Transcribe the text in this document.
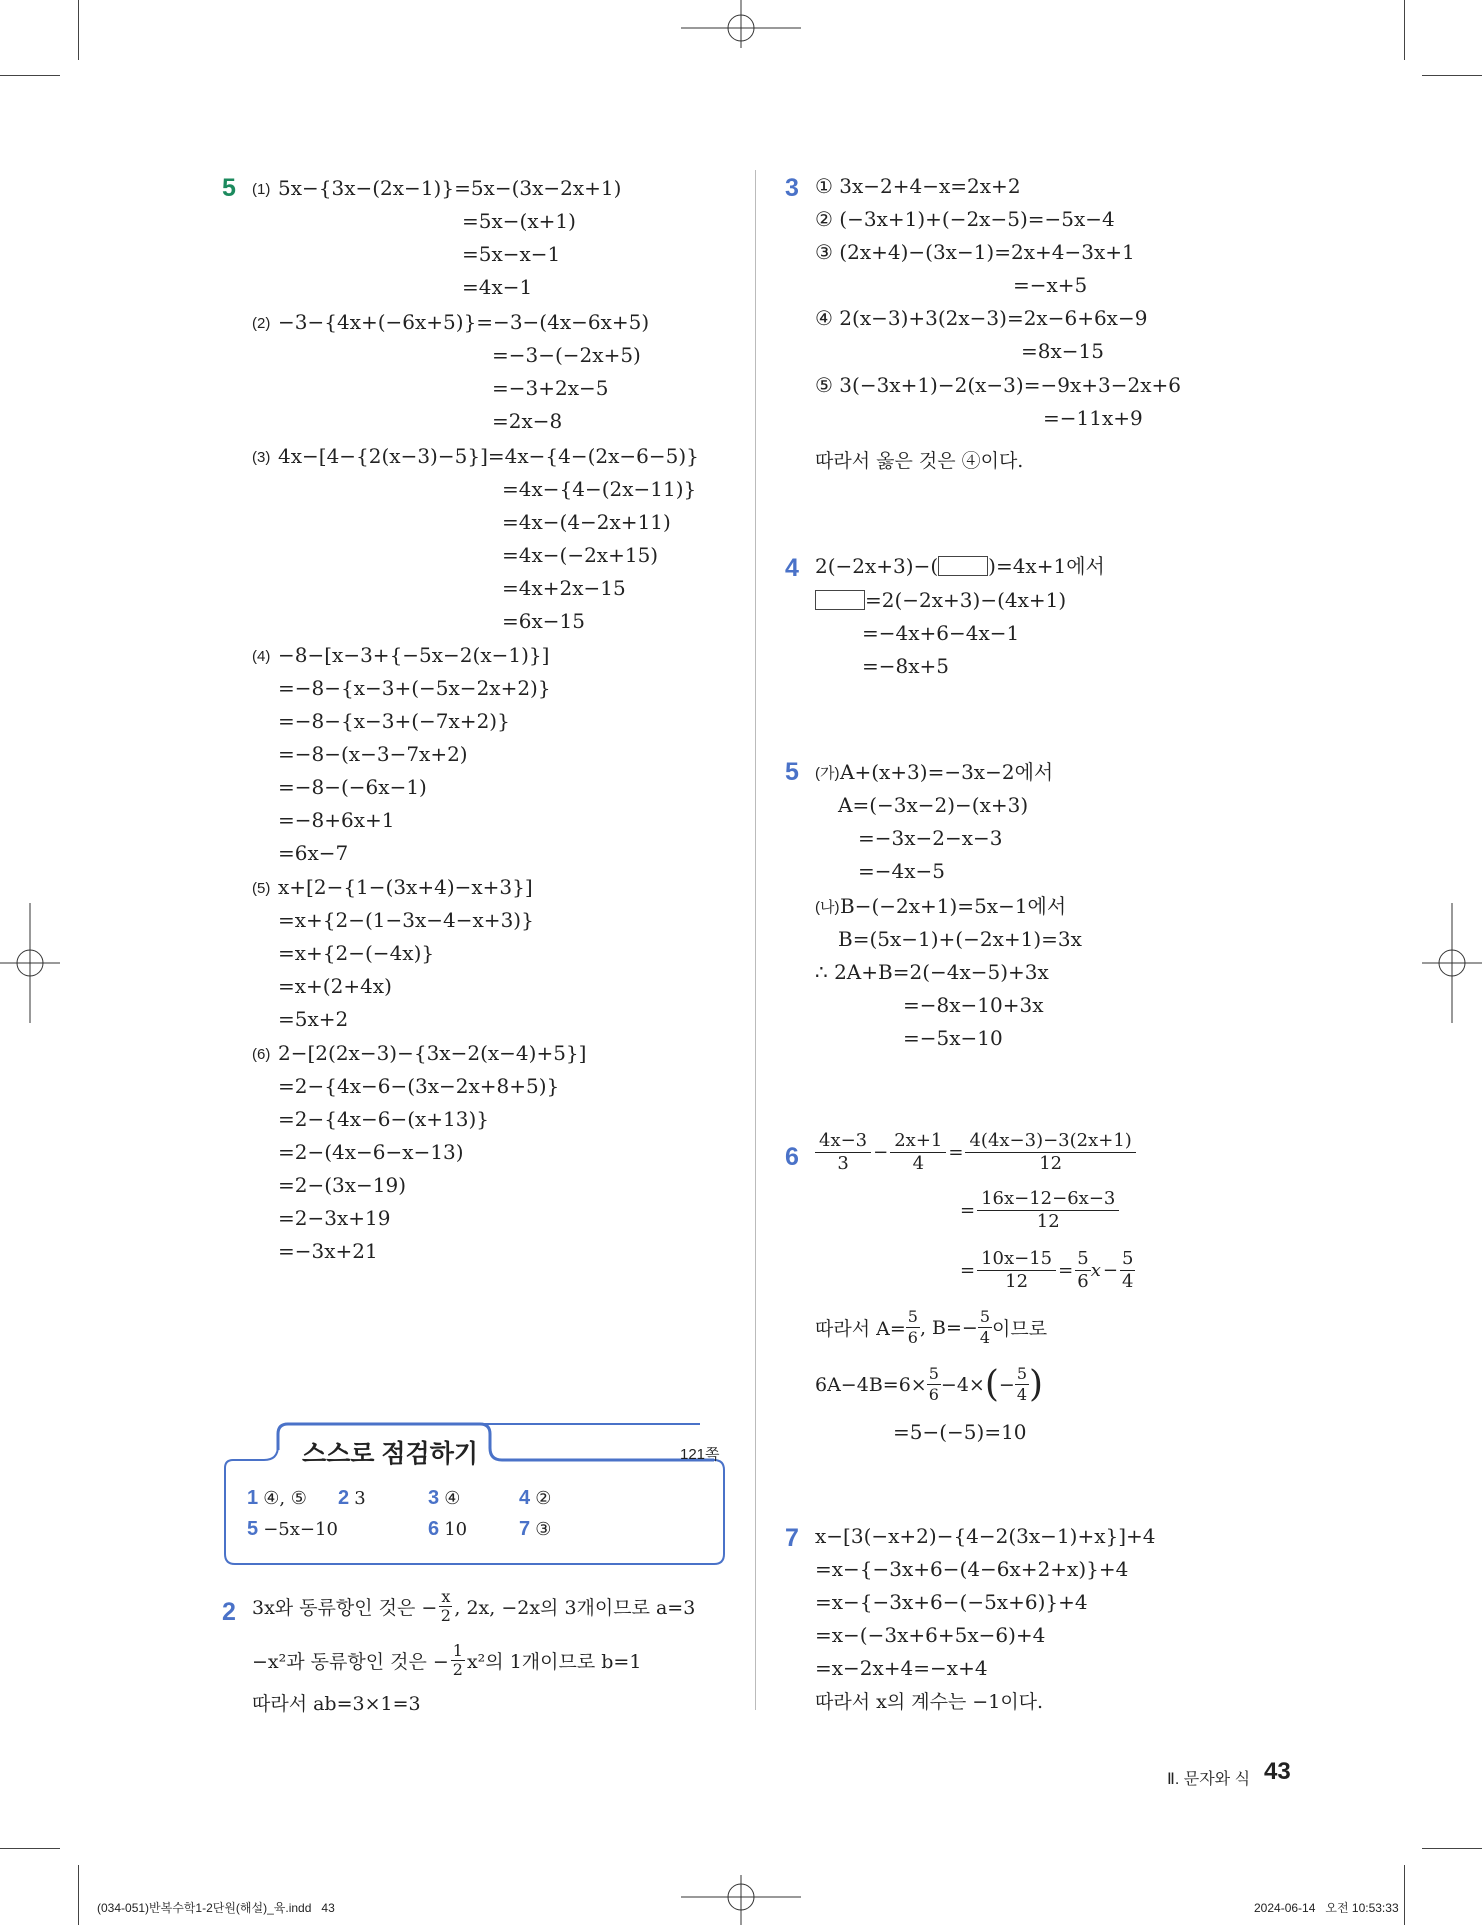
5 (1) 5x−{3x−(2x−1)}=5x−(3x−2x+1)
=5x−(x+1)
=5x−x−1
=4x−1
(2) −3−{4x+(−6x+5)}=−3−(4x−6x+5)
=−3−(−2x+5)
=−3+2x−5
=2x−8
(3) 4x−[4−{2(x−3)−5}]=4x−{4−(2x−6−5)}
=4x−{4−(2x−11)}
=4x−(4−2x+11)
=4x−(−2x+15)
=4x+2x−15
=6x−15
(4) −8−[x−3+{−5x−2(x−1)}]
=−8−{x−3+(−5x−2x+2)}
=−8−{x−3+(−7x+2)}
=−8−(x−3−7x+2)
=−8−(−6x−1)
=−8+6x+1
=6x−7
(5) x+[2−{1−(3x+4)−x+3}]
=x+{2−(1−3x−4−x+3)}
=x+{2−(−4x)}
=x+(2+4x)
=5x+2
(6) 2−[2(2x−3)−{3x−2(x−4)+5}]
=2−{4x−6−(3x−2x+8+5)}
=2−{4x−6−(x+13)}
=2−(4x−6−x−13)
=2−(3x−19)
=2−3x+19
=−3x+21
스스로 점검하기	121쪽
1 ④, ⑤ 2 3	3 ④	4 ②
5 −5x−10	6 10	7 ③
2 3x와 동류항인 것은 − $\frac{x}{2}$ , 2x, −2x의 3개이므로 a=3
−x²과 동류항인 것은 − $\frac{1}{2} x^2$의 1개이므로 b=1
따라서 ab=3×1=3
3 ① 3x−2+4−x=2x+2
② (−3x+1)+(−2x−5)=−5x−4
③ (2x+4)−(3x−1)=2x+4−3x+1
=−x+5
④ 2(x−3)+3(2x−3)=2x−6+6x−9
=8x−15
⑤ 3(−3x+1)−2(x−3)=−9x+3−2x+6
=−11x+9
따라서 옳은 것은 ④이다.
4 2(−2x+3)−(	)=4x+1에서
=2(−2x+3)−(4x+1)
=−4x+6−4x−1
=−8x+5
5 (가) A+(x+3)=−3x−2에서
A=(−3x−2)−(x+3)
=−3x−2−x−3
=−4x−5
(나) B−(−2x+1)=5x−1에서
B=(5x−1)+(−2x+1)=3x
∴ 2A+B=2(−4x−5)+3x
=−8x−10+3x
=−5x−10
6
4x−3
3
− $\frac{2x+1}{4} = \frac{4(4x-3)-3(2x+1)}{12}$
= $\frac{16x-12-6x-3}{12}$
= $\frac{10x-15}{12} = \frac{5}{6}$ $x - \frac{5}{4}$
따라서 $A= \frac{5}{6}$ , $B=- \frac{5}{4}$ 이므로
$6A-4B=6\times \frac{5}{6} -4\times$ ( − $\frac{5}{4}$ )
=5−(−5)=10
7 x−[3(−x+2)−{4−2(3x−1)+x}]+4
=x−{−3x+6−(4−6x+2+x)}+4
=x−{−3x+6−(−5x+6)}+4
=x−(−3x+6+5x−6)+4
=x−2x+4=−x+4
따라서 x의 계수는 −1이다.
Ⅱ. 문자와 식 43
(034-051)반복수학1-2단원(해설)_육.indd   43	2024-06-14   오전 10:53:33
